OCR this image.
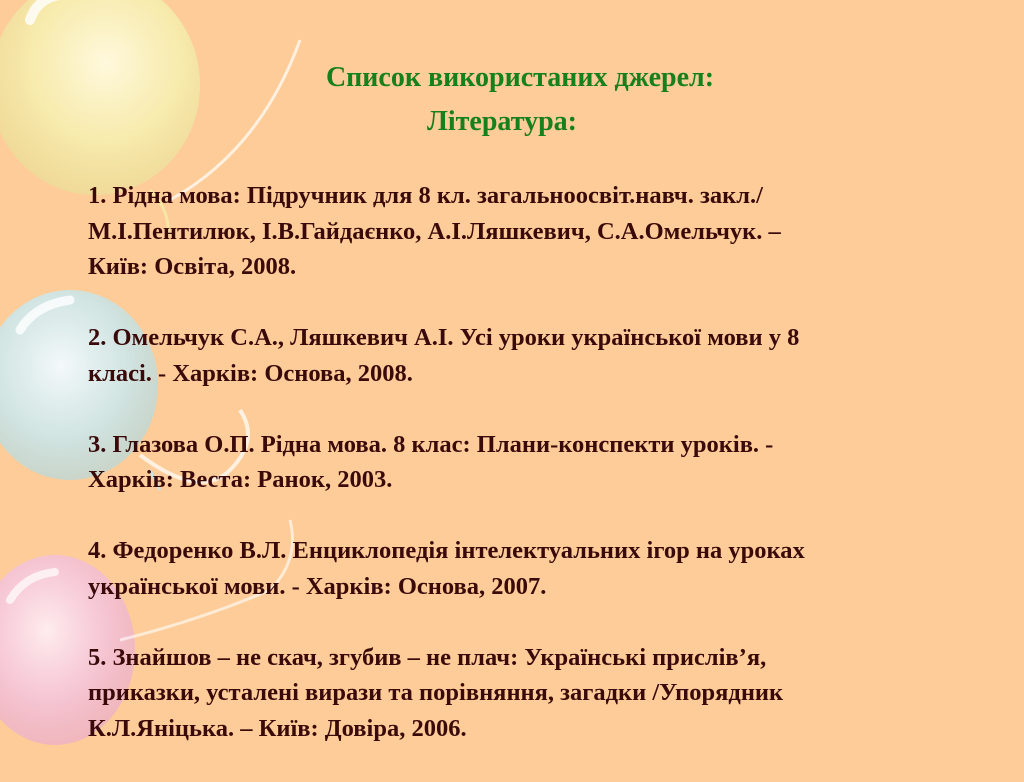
Список використаних джерел:
Література:
1. Рідна мова: Підручник для 8 кл. загальноосвіт.навч. закл./
М.І.Пентилюк, І.В.Гайдаєнко, А.І.Ляшкевич, С.А.Омельчук. –
Київ: Освіта, 2008.
2. Омельчук С.А., Ляшкевич А.І. Усі уроки української мови у 8
класі. - Харків: Основа, 2008.
3. Глазова О.П. Рідна мова. 8 клас: Плани-конспекти уроків. -
Харків: Веста: Ранок, 2003.
4. Федоренко В.Л. Енциклопедія інтелектуальних ігор на уроках
української мови. - Харків: Основа, 2007.
5. Знайшов – не скач, згубив – не плач: Українські прислів’я,
приказки, усталені вирази та порівняння, загадки /Упорядник
К.Л.Яніцька. – Київ: Довіра, 2006.
